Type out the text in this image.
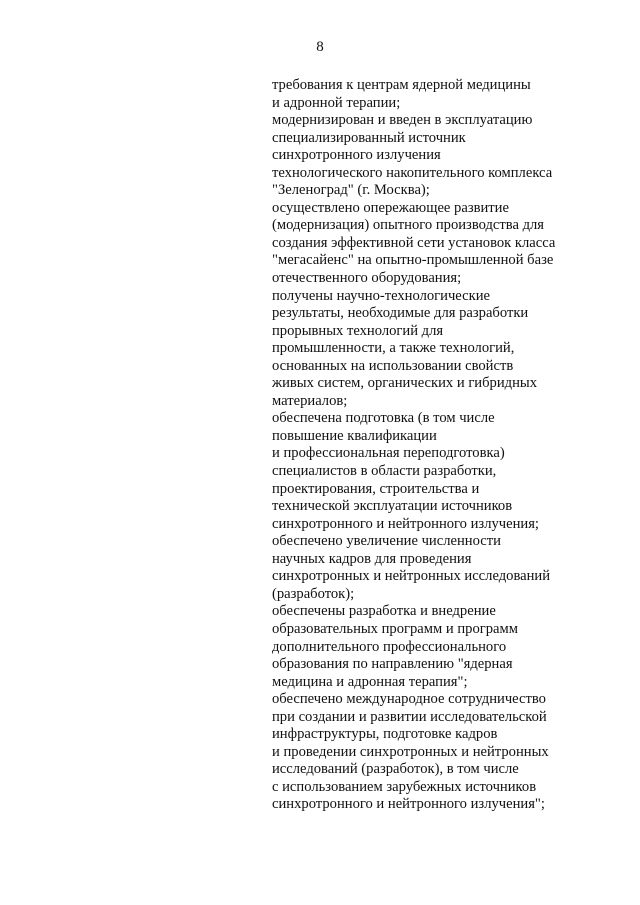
8
требования к центрам ядерной медицины
и адронной терапии;
модернизирован и введен в эксплуатацию
специализированный источник
синхротронного излучения
технологического накопительного комплекса
"Зеленоград" (г. Москва);
осуществлено опережающее развитие
(модернизация) опытного производства для
создания эффективной сети установок класса
"мегасайенс" на опытно-промышленной базе
отечественного оборудования;
получены научно-технологические
результаты, необходимые для разработки
прорывных технологий для
промышленности, а также технологий,
основанных на использовании свойств
живых систем, органических и гибридных
материалов;
обеспечена подготовка (в том числе
повышение квалификации
и профессиональная переподготовка)
специалистов в области разработки,
проектирования, строительства и
технической эксплуатации источников
синхротронного и нейтронного излучения;
обеспечено увеличение численности
научных кадров для проведения
синхротронных и нейтронных исследований
(разработок);
обеспечены разработка и внедрение
образовательных программ и программ
дополнительного профессионального
образования по направлению "ядерная
медицина и адронная терапия";
обеспечено международное сотрудничество
при создании и развитии исследовательской
инфраструктуры, подготовке кадров
и проведении синхротронных и нейтронных
исследований (разработок), в том числе
с использованием зарубежных источников
синхротронного и нейтронного излучения";
